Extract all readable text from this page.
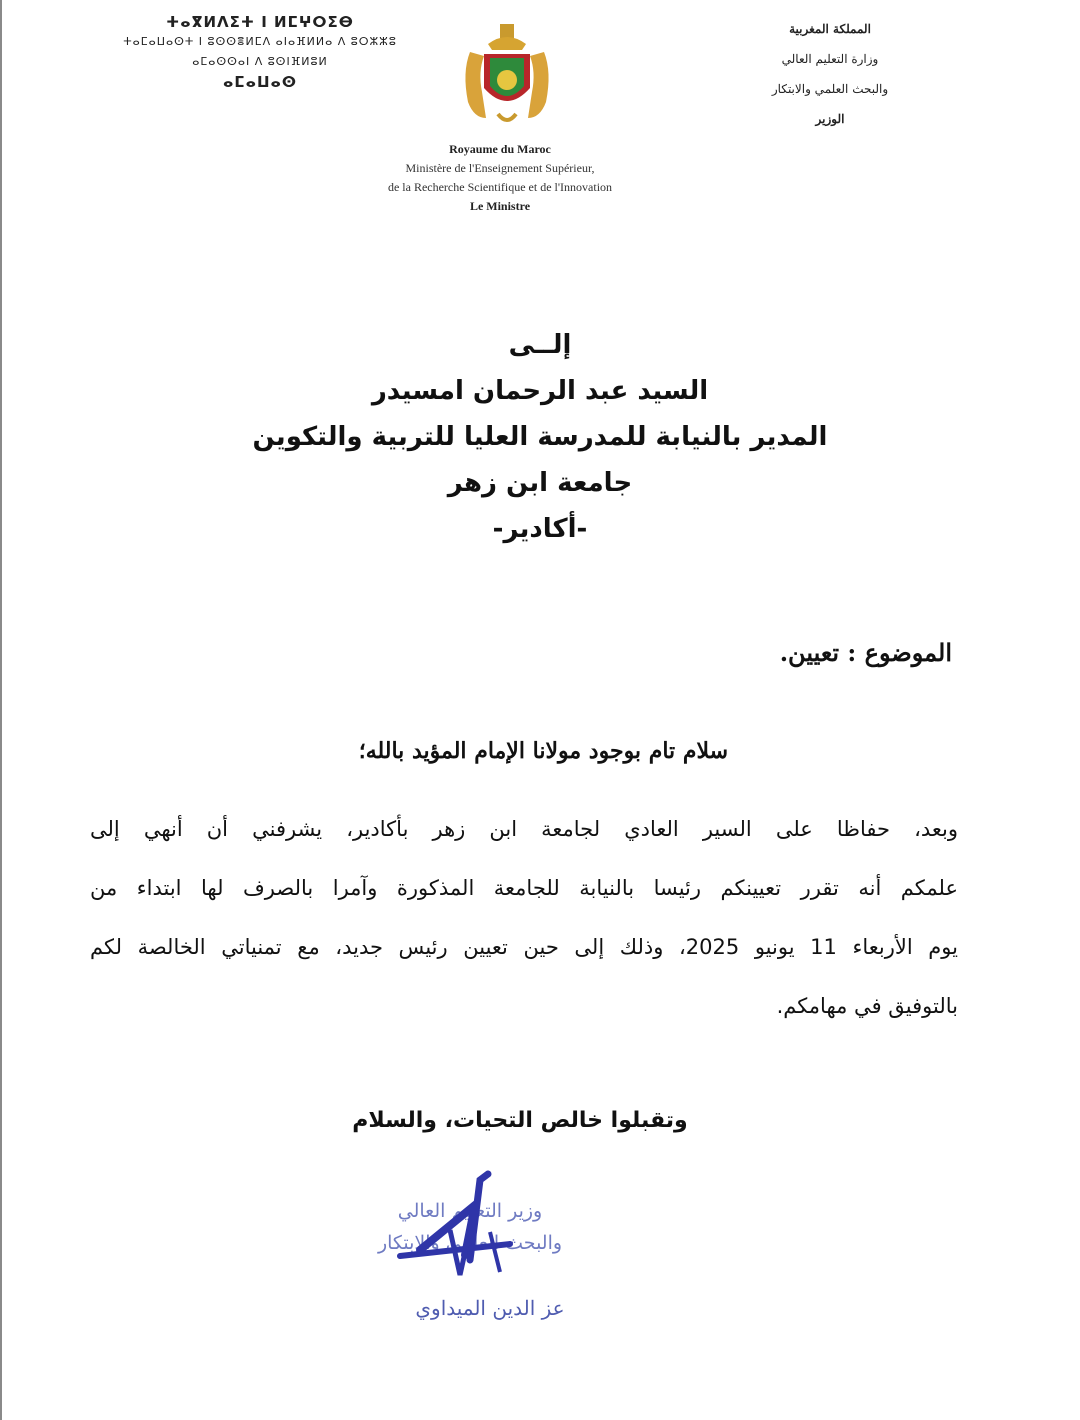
ⵜⴰⴳⵍⴷⵉⵜ ⵏ ⵍⵎⵖⵔⵉⴱ
ⵜⴰⵎⴰⵡⴰⵙⵜ ⵏ ⵓⵙⵙⴻⵍⵎⴷ ⴰⵏⴰⴼⵍⵍⴰ ⴷ ⵓⵔⵣⵣⵓ
ⴰⵎⴰⵙⵙⴰⵏ ⴷ ⵓⵙⵏⴼⵍⵓⵍ
ⴰⵎⴰⵡⴰⵙ
المملكة المغربية
وزارة التعليم العالي
والبحث العلمي والابتكار
الوزير
Royaume du Maroc
Ministère de l'Enseignement Supérieur,
de la Recherche Scientifique et de l'Innovation
Le Ministre
إلــى
السيد عبد الرحمان امسيدر
المدير بالنيابة للمدرسة العليا للتربية والتكوين
جامعة ابن زهر
-أكادير-
الموضوع : تعيين.
سلام تام بوجود مولانا الإمام المؤيد بالله؛
وبعد، حفاظا على السير العادي لجامعة ابن زهر بأكادير، يشرفني أن أنهي إلى
علمكم أنه تقرر تعيينكم رئيسا بالنيابة للجامعة المذكورة وآمرا بالصرف لها ابتداء من
يوم الأربعاء 11 يونيو 2025، وذلك إلى حين تعيين رئيس جديد، مع تمنياتي الخالصة لكم
بالتوفيق في مهامكم.
وتقبلوا خالص التحيات، والسلام
وزير التعليم العالي
والبحث العلمي والابتكار
عز الدين الميداوي
